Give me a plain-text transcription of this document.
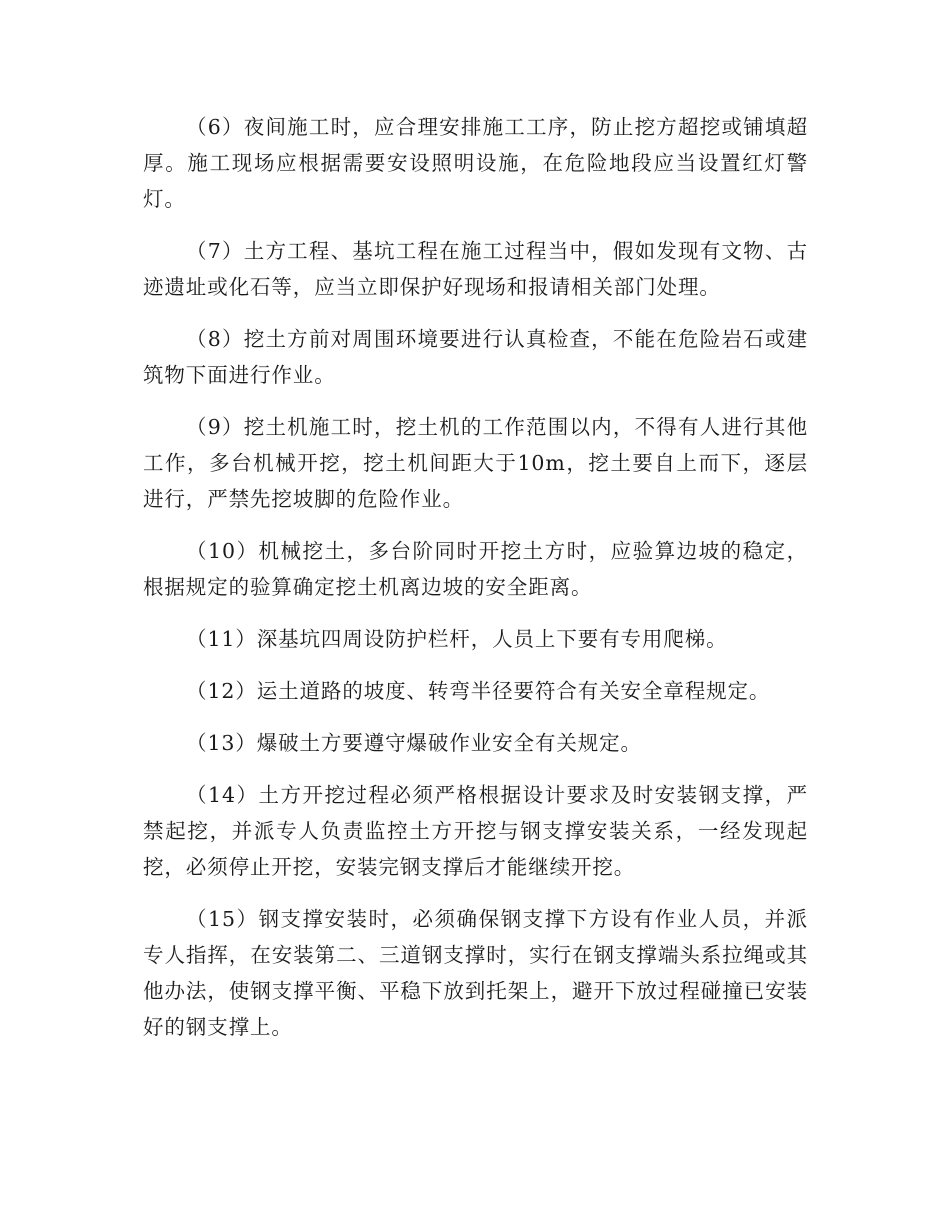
（6）夜间施工时，应合理安排施工工序，防止挖方超挖或铺填超厚。施工现场应根据需要安设照明设施，在危险地段应当设置红灯警灯。

（7）土方工程、基坑工程在施工过程当中，假如发现有文物、古迹遗址或化石等，应当立即保护好现场和报请相关部门处理。

（8）挖土方前对周围环境要进行认真检查，不能在危险岩石或建筑物下面进行作业。

（9）挖土机施工时，挖土机的工作范围以内，不得有人进行其他工作，多台机械开挖，挖土机间距大于10m，挖土要自上而下，逐层进行，严禁先挖坡脚的危险作业。

（10）机械挖土，多台阶同时开挖土方时，应验算边坡的稳定，根据规定的验算确定挖土机离边坡的安全距离。

（11）深基坑四周设防护栏杆，人员上下要有专用爬梯。

（12）运土道路的坡度、转弯半径要符合有关安全章程规定。

（13）爆破土方要遵守爆破作业安全有关规定。

（14）土方开挖过程必须严格根据设计要求及时安装钢支撑，严禁起挖，并派专人负责监控土方开挖与钢支撑安装关系，一经发现起挖，必须停止开挖，安装完钢支撑后才能继续开挖。

（15）钢支撑安装时，必须确保钢支撑下方设有作业人员，并派专人指挥，在安装第二、三道钢支撑时，实行在钢支撑端头系拉绳或其他办法，使钢支撑平衡、平稳下放到托架上，避开下放过程碰撞已安装好的钢支撑上。
